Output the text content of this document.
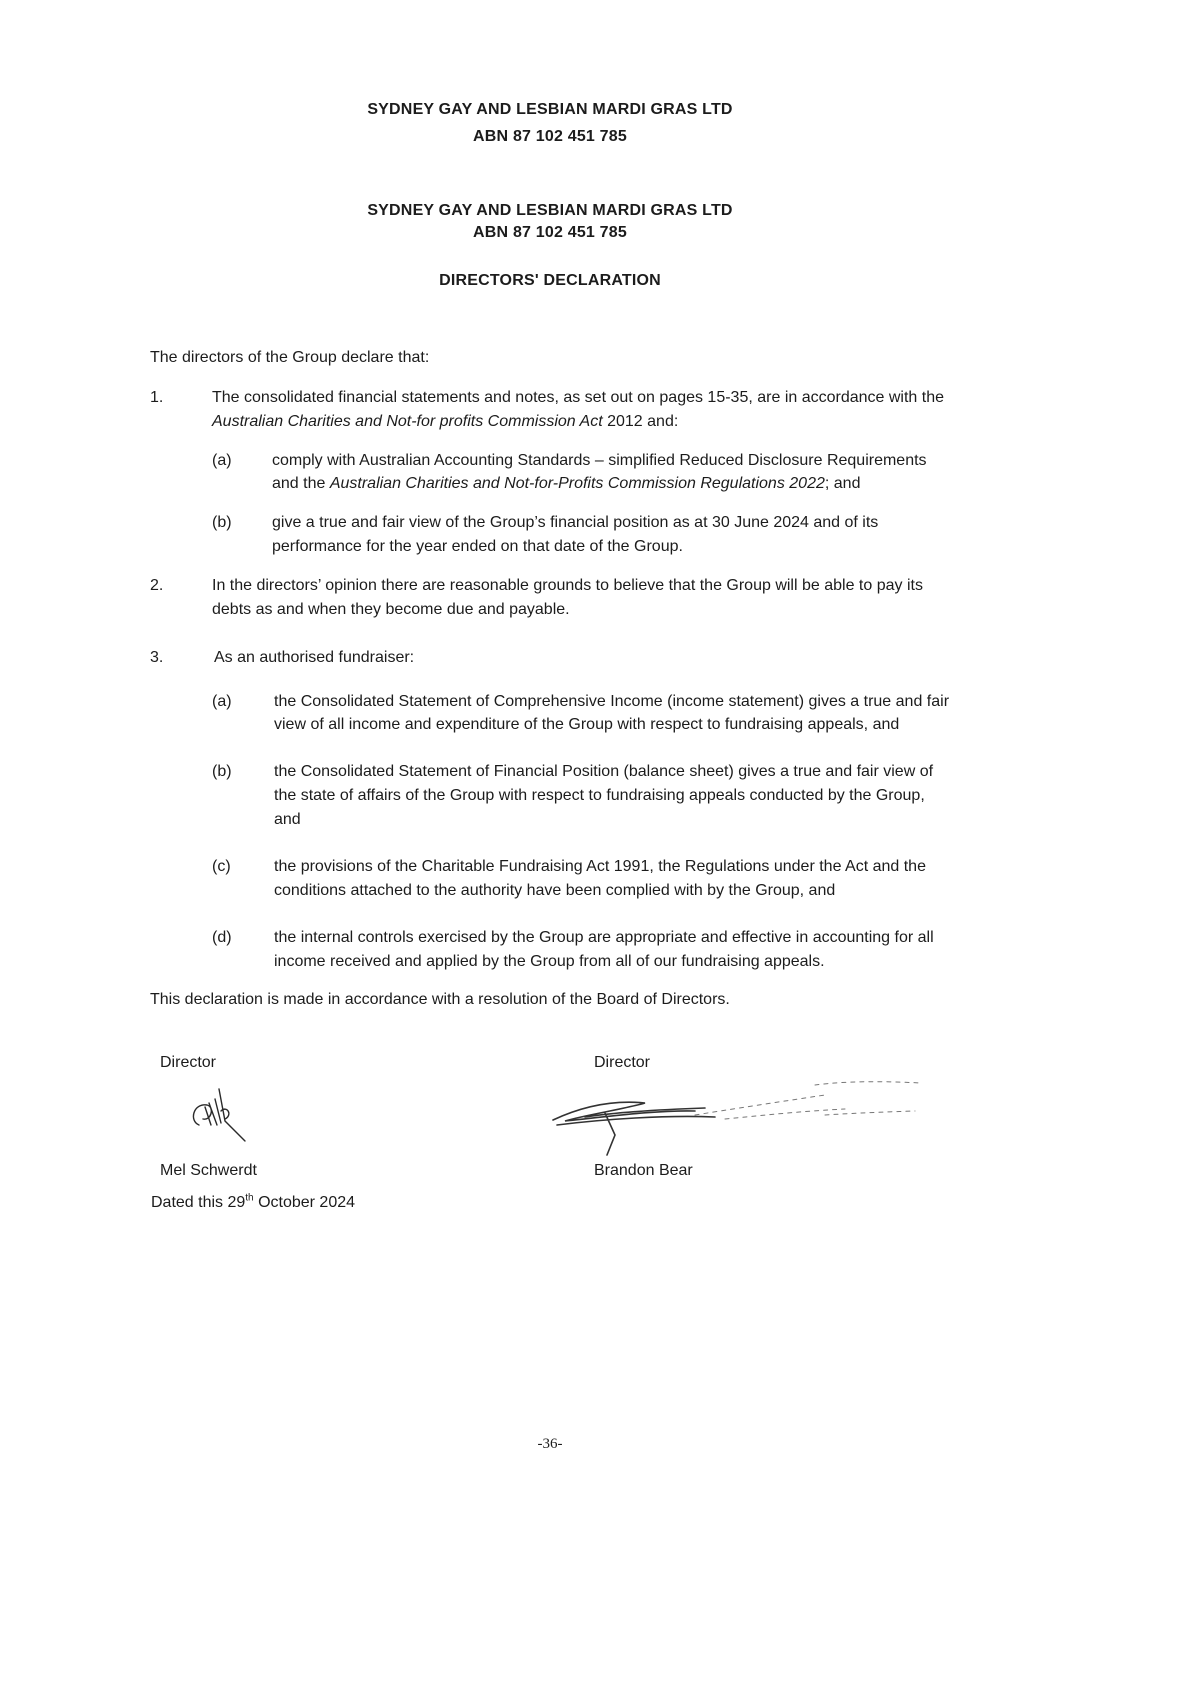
SYDNEY GAY AND LESBIAN MARDI GRAS LTD
ABN 87 102 451 785
SYDNEY GAY AND LESBIAN MARDI GRAS LTD
ABN 87 102 451 785
DIRECTORS' DECLARATION
The directors of the Group declare that:
1.	The consolidated financial statements and notes, as set out on pages 15-35, are in accordance with the
Australian Charities and Not-for profits Commission Act 2012 and:
(a)	comply with Australian Accounting Standards – simplified Reduced Disclosure Requirements
and the Australian Charities and Not-for-Profits Commission Regulations 2022; and
(b)	give a true and fair view of the Group’s financial position as at 30 June 2024 and of its
performance for the year ended on that date of the Group.
2.	In the directors’ opinion there are reasonable grounds to believe that the Group will be able to pay its
debts as and when they become due and payable.
3.	As an authorised fundraiser:
(a)	the Consolidated Statement of Comprehensive Income (income statement) gives a true and fair
view of all income and expenditure of the Group with respect to fundraising appeals, and
(b)	the Consolidated Statement of Financial Position (balance sheet) gives a true and fair view of
the state of affairs of the Group with respect to fundraising appeals conducted by the Group,
and
(c)	the provisions of the Charitable Fundraising Act 1991, the Regulations under the Act and the
conditions attached to the authority have been complied with by the Group, and
(d)	the internal controls exercised by the Group are appropriate and effective in accounting for all
income received and applied by the Group from all of our fundraising appeals.
This declaration is made in accordance with a resolution of the Board of Directors.
Director	Director
Mel Schwerdt	Brandon Bear
Dated this 29th October 2024
-36-
